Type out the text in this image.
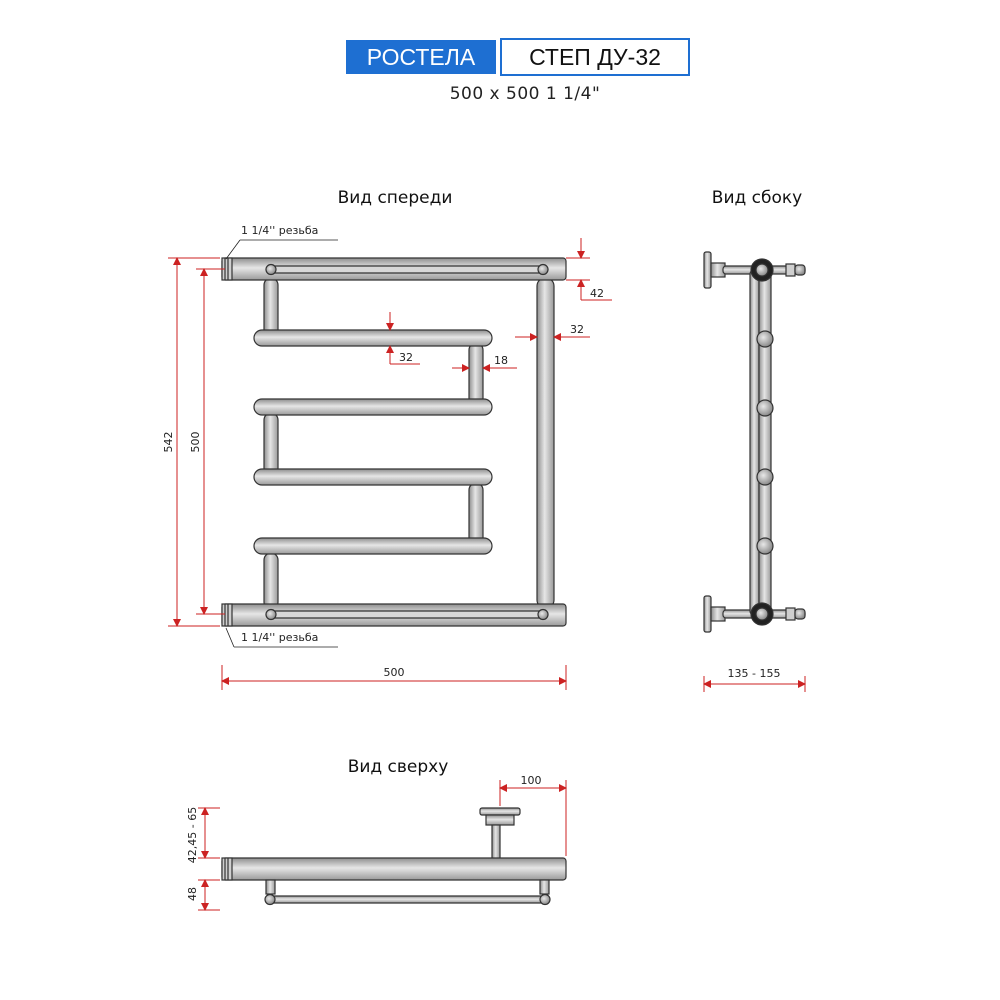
РОСТЕЛА	СТЕП ДУ-32
500 x 500 1 1/4"
Вид спереди
1 1/4'' резьба
1 1/4'' резьба
542 500
500
42
32
32	18
Вид сбоку
135 - 155
Вид сверху
100
42,45 - 65
48
